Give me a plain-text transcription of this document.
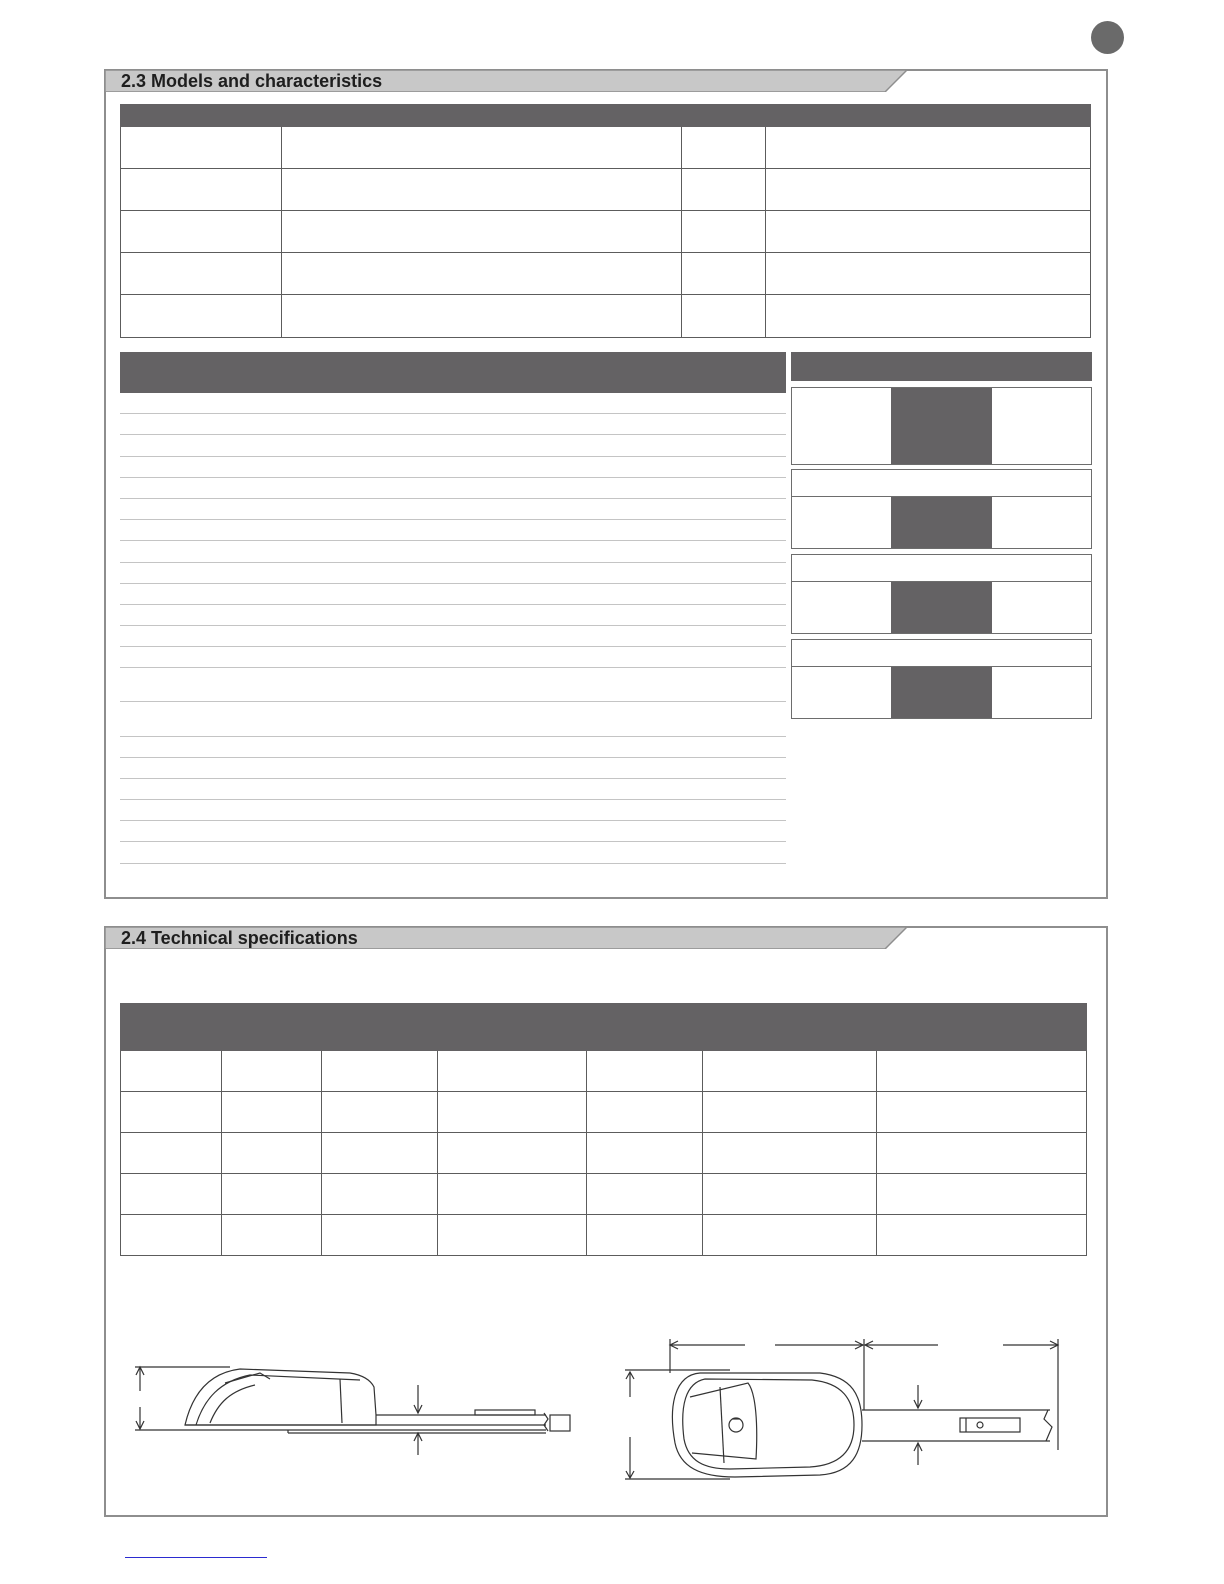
2.3 Models and characteristics
2.4 Technical specifications
